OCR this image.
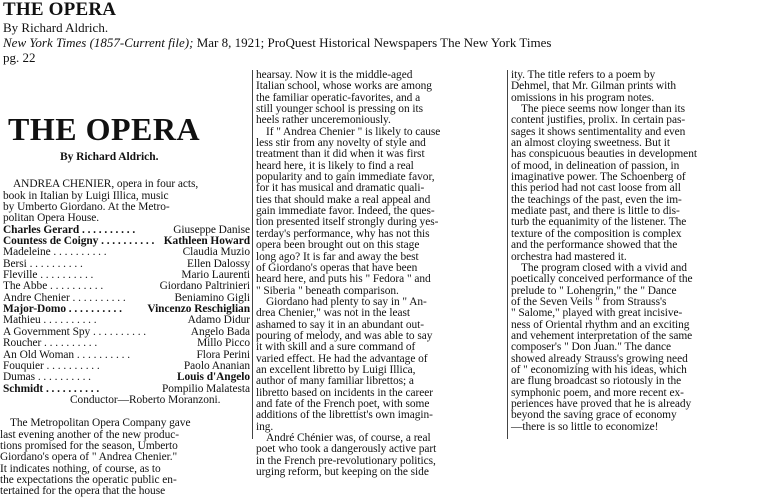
THE OPERA
By Richard Aldrich.
New York Times (1857-Current file); Mar 8, 1921; ProQuest Historical Newspapers The New York Times
pg. 22
THE OPERA
By Richard Aldrich.
ANDREA CHENIER, opera in four acts,
book in Italian by Luigi Illica, music
by Umberto Giordano. At the Metro-
politan Opera House.
Charles Gerard . . . . . . . . . .	Giuseppe Danise
Countess de Coigny . . . . . . . . . . Kathleen Howard
Madeleine . . . . . . . . . .	Claudia Muzio
Bersi . . . . . . . . . .	Ellen Dalossy
Fleville . . . . . . . . . .	Mario Laurenti
The Abbe . . . . . . . . . .	Giordano Paltrinieri
Andre Chenier . . . . . . . . . .	Beniamino Gigli
Major-Domo . . . . . . . . . .	Vincenzo Reschiglian
Mathieu . . . . . . . . . .	Adamo Didur
A Government Spy . . . . . . . . . .	Angelo Bada
Roucher . . . . . . . . . .	Millo Picco
An Old Woman . . . . . . . . . .	Flora Perini
Fouquier . . . . . . . . . .	Paolo Ananian
Dumas . . . . . . . . . .	Louis d'Angelo
Schmidt . . . . . . . . . .	Pompilio Malatesta
Conductor—Roberto Moranzoni.
The Metropolitan Opera Company gave
last evening another of the new produc-
tions promised for the season, Umberto
Giordano's opera of " Andrea Chenier."
It indicates nothing, of course, as to
the expectations the operatic public en-
tertained for the opera that the house
hearsay. Now it is the middle-aged
Italian school, whose works are among
the familiar operatic-favorites, and a
still younger school is pressing on its
heels rather unceremoniously.
If " Andrea Chenier " is likely to cause
less stir from any novelty of style and
treatment than it did when it was first
heard here, it is likely to find a real
popularity and to gain immediate favor,
for it has musical and dramatic quali-
ties that should make a real appeal and
gain immediate favor. Indeed, the ques-
tion presented itself strongly during yes-
terday's performance, why has not this
opera been brought out on this stage
long ago? It is far and away the best
of Giordano's operas that have been
heard here, and puts his " Fedora " and
" Siberia " beneath comparison.
Giordano had plenty to say in " An-
drea Chenier," was not in the least
ashamed to say it in an abundant out-
pouring of melody, and was able to say
it with skill and a sure command of
varied effect. He had the advantage of
an excellent libretto by Luigi Illica,
author of many familiar librettos; a
libretto based on incidents in the career
and fate of the French poet, with some
additions of the librettist's own imagin-
ing.
André Chénier was, of course, a real
poet who took a dangerously active part
in the French pre-revolutionary politics,
urging reform, but keeping on the side
ity. The title refers to a poem by
Dehmel, that Mr. Gilman prints with
omissions in his program notes.
The piece seems now longer than its
content justifies, prolix. In certain pas-
sages it shows sentimentality and even
an almost cloying sweetness. But it
has conspicuous beauties in development
of mood, in delineation of passion, in
imaginative power. The Schoenberg of
this period had not cast loose from all
the teachings of the past, even the im-
mediate past, and there is little to dis-
turb the equanimity of the listener. The
texture of the composition is complex
and the performance showed that the
orchestra had mastered it.
The program closed with a vivid and
poetically conceived performance of the
prelude to " Lohengrin," the " Dance
of the Seven Veils " from Strauss's
" Salome," played with great incisive-
ness of Oriental rhythm and an exciting
and vehement interpretation of the same
composer's " Don Juan." The dance
showed already Strauss's growing need
of " economizing with his ideas, which
are flung broadcast so riotously in the
symphonic poem, and more recent ex-
periences have proved that he is already
beyond the saving grace of economy
—there is so little to economize!
